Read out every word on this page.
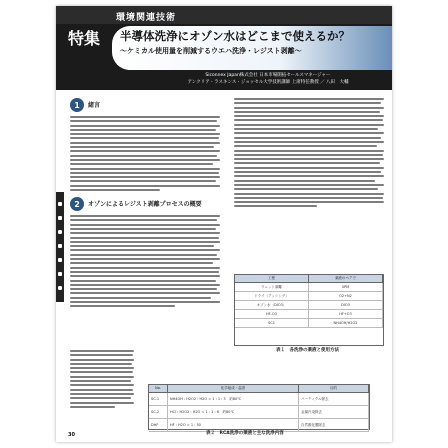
環境関連技術
特集	半導体洗浄にオゾン水はどこまで使えるか？
〜ケミカル使用量を削減するウエハ洗浄・レジスト剥離〜
Siconnex Japan株式会社 日本市場開拓セールスマネージャー
アンクリア・ラスキンス・ジョッセル大学技術講師 上席特任教授 ／ 八田　大輔
1	緒言
2	オゾンによるレジスト剥離プロセスの概要
工程	薬液のペアで
ウェット剥離	SPM
ドライ（アッシング）	O2+N2
オゾン水（DIO3）	DIO3
HF-O3	HF+O3
SC1	NH4OH/H2O2
表１　各洗浄の薬液と使用方法
No.	化学組成・温度	目的
SC-1	NH4OH : H2O2 : H2O = 1 : 1 : 5　約80℃	パーティクル除去
SC-2	HCl : H2O2 : H2O = 1 : 1 : 6　約80℃	金属汚染除去
DHF	HF : H2O = 1 : 50	自然酸化膜除去
表２　RCA洗浄の薬液と主な洗浄内容
30
